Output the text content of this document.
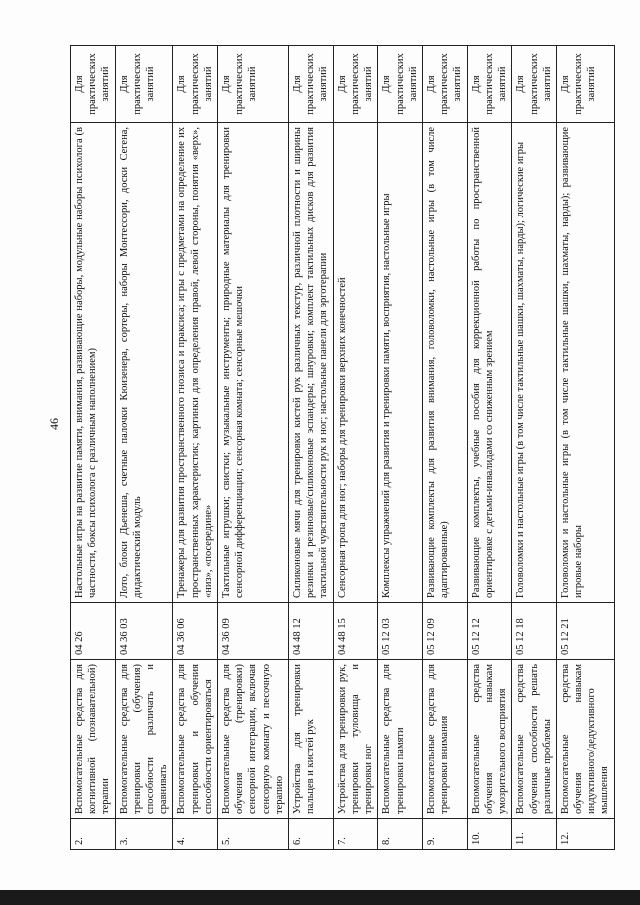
46
2.	Вспомогательные средства для когнитивной (познавательной) терапии	04 26	Настольные игры на развитие памяти, внимания, развивающие наборы, модульные наборы психолога (в частности, боксы психолога с различным наполнением)	Для практических занятий
3.	Вспомогательные средства для тренировки (обучения) способности различать и сравнивать	04 36 03	Лото, блоки Дьенеша, счетные палочки Кюизенера, сортеры, наборы Монтессори, доски Сегена, дидактический модуль	Для практических занятий
4.	Вспомогательные средства для тренировки и обучения способности ориентироваться	04 36 06	Тренажеры для развития пространственного гнозиса и праксиса; игры с предметами на определение их пространственных характеристик; картинки для определения правой, левой стороны, понятия «верх», «низ», «посередине»	Для практических занятий
5.	Вспомогательные средства для обучения (тренировки) сенсорной интеграции, включая сенсорную комнату и песочную терапию	04 36 09	Тактильные игрушки; свистки; музыкальные инструменты; природные материалы для тренировки сенсорной дифференциации; сенсорная комната; сенсорные мешочки	Для практических занятий
6.	Устройства для тренировки пальцев и кистей рук	04 48 12	Силиконовые мячи для тренировки кистей рук различных текстур, различной плотности и ширины резинки и резиновые/силиконовые эспандеры; шнуровки; комплект тактильных дисков для развития тактильной чувствительности рук и ног; настольные панели для эрготерапии	Для практических занятий
7.	Устройства для тренировки рук, тренировки туловища и тренировки ног	04 48 15	Сенсорная тропа для ног; наборы для тренировки верхних конечностей	Для практических занятий
8.	Вспомогательные средства для тренировки памяти	05 12 03	Комплексы упражнений для развития и тренировки памяти, восприятия, настольные игры	Для практических занятий
9.	Вспомогательные средства для тренировки внимания	05 12 09	Развивающие комплекты для развития внимания, головоломки, настольные игры (в том числе адаптированные)	Для практических занятий
10.	Вспомогательные средства обучения навыкам умозрительного восприятия	05 12 12	Развивающие комплекты, учебные пособия для коррекционной работы по пространственной ориентировке с детьми-инвалидами со сниженным зрением	Для практических занятий
11.	Вспомогательные средства обучения способности решать различные проблемы	05 12 18	Головоломки и настольные игры (в том числе тактильные шашки, шахматы, нарды); логические игры	Для практических занятий
12.	Вспомогательные средства обучения навыкам индуктивного/дедуктивного мышления	05 12 21	Головоломки и настольные игры (в том числе тактильные шашки, шахматы, нарды); развивающие игровые наборы	Для практических занятий
